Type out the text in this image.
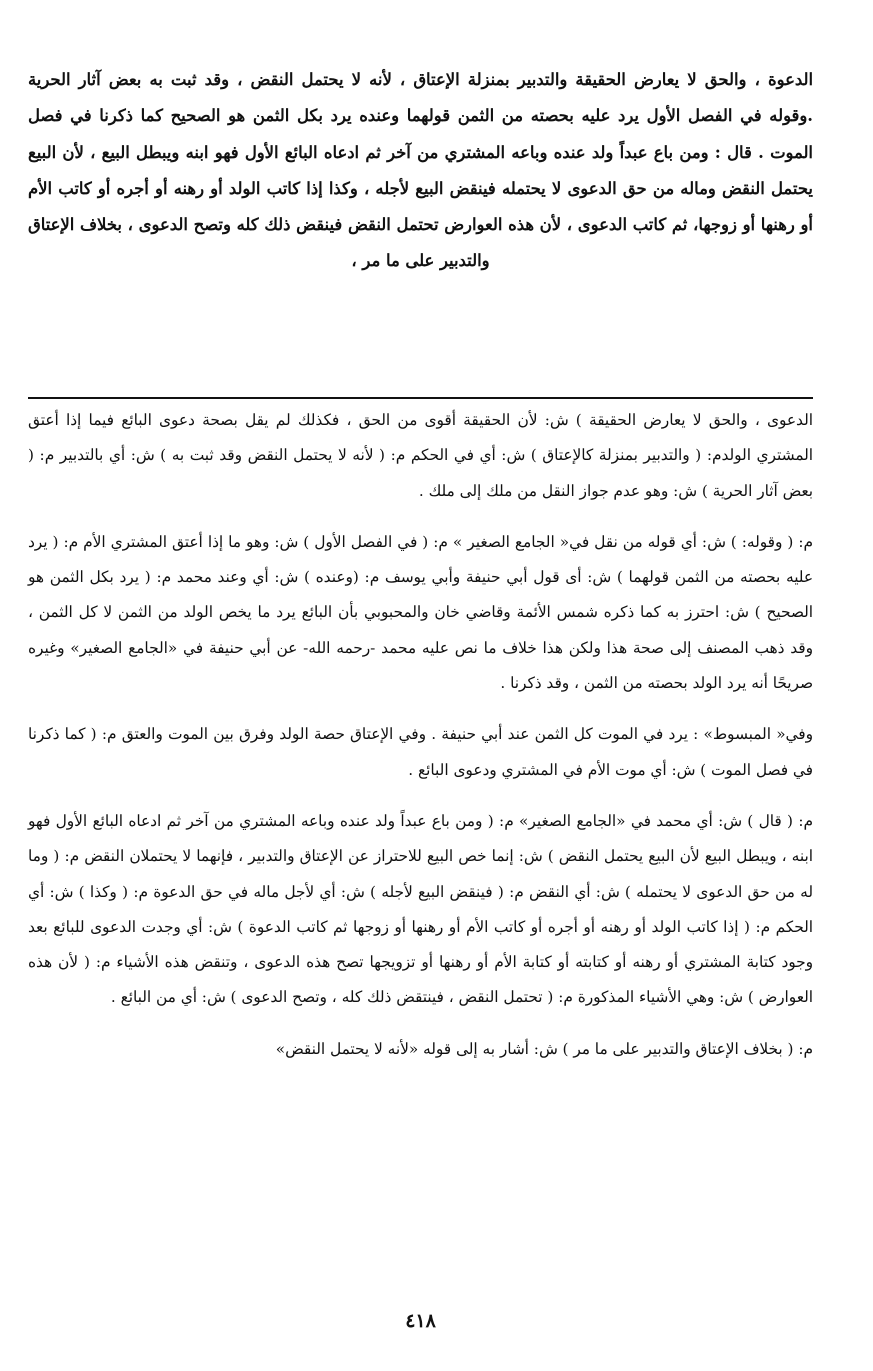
الدعوة ، والحق لا يعارض الحقيقة والتدبير بمنزلة الإعتاق ، لأنه لا يحتمل النقض ، وقد ثبت به بعض آثار الحرية .وقوله في الفصل الأول يرد عليه بحصته من الثمن قولهما وعنده يرد بكل الثمن هو الصحيح كما ذكرنا في فصل الموت . قال : ومن باع عبداً ولد عنده وباعه المشتري من آخر ثم ادعاه البائع الأول فهو ابنه ويبطل البيع ، لأن البيع يحتمل النقض وماله من حق الدعوى لا يحتمله فينقض البيع لأجله ، وكذا إذا كاتب الولد أو رهنه أو أجره أو كاتب الأم أو رهنها أو زوجها، ثم كاتب الدعوى ، لأن هذه العوارض تحتمل النقض فينقض ذلك كله وتصح الدعوى ، بخلاف الإعتاق والتدبير على ما مر ،

الدعوى ، والحق لا يعارض الحقيقة ) ش: لأن الحقيقة أقوى من الحق ، فكذلك لم يقل بصحة دعوى البائع فيما إذا أعتق المشتري الولدم: ( والتدبير بمنزلة كالإعتاق ) ش: أي في الحكم م: ( لأنه لا يحتمل النقض وقد ثبت به ) ش: أي بالتدبير م: ( بعض آثار الحرية ) ش: وهو عدم جواز النقل من ملك إلى ملك .

م: ( وقوله: ) ش: أي قوله من نقل في« الجامع الصغير » م: ( في الفصل الأول ) ش: وهو ما إذا أعتق المشتري الأم م: ( يرد عليه بحصته من الثمن قولهما ) ش: أى قول أبي حنيفة وأبي يوسف م: (وعنده ) ش: أي وعند محمد م: ( يرد بكل الثمن هو الصحيح ) ش: احترز به كما ذكره شمس الأئمة وقاضي خان والمحبوبي بأن البائع يرد ما يخص الولد من الثمن لا كل الثمن ، وقد ذهب المصنف إلى صحة هذا ولكن هذا خلاف ما نص عليه محمد -رحمه الله- عن أبي حنيفة في «الجامع الصغير» وغيره صريحًا أنه يرد الولد بحصته من الثمن ، وقد ذكرنا .

وفي« المبسوط» : يرد في الموت كل الثمن عند أبي حنيفة . وفي الإعتاق حصة الولد وفرق بين الموت والعتق م: ( كما ذكرنا في فصل الموت ) ش: أي موت الأم في المشتري ودعوى البائع .

م: ( قال ) ش: أي محمد في «الجامع الصغير» م: ( ومن باع عبداً ولد عنده وباعه المشتري من آخر ثم ادعاه البائع الأول فهو ابنه ، ويبطل البيع لأن البيع يحتمل النقض ) ش: إنما خص البيع للاحتراز عن الإعتاق والتدبير ، فإنهما لا يحتملان النقض م: ( وما له من حق الدعوى لا يحتمله ) ش: أي النقض م: ( فينقض البيع لأجله ) ش: أي لأجل ماله في حق الدعوة م: ( وكذا ) ش: أي الحكم م: ( إذا كاتب الولد أو رهنه أو أجره أو كاتب الأم أو رهنها أو زوجها ثم كاتب الدعوة ) ش: أي وجدت الدعوى للبائع بعد وجود كتابة المشتري أو رهنه أو كتابته أو كتابة الأم أو رهنها أو تزويجها تصح هذه الدعوى ، وتنقض هذه الأشياء م: ( لأن هذه العوارض ) ش: وهي الأشياء المذكورة م: ( تحتمل النقض ، فينتقض ذلك كله ، وتصح الدعوى ) ش: أي من البائع .

م: ( بخلاف الإعتاق والتدبير على ما مر ) ش: أشار به إلى قوله «لأنه لا يحتمل النقض»

٤١٨
